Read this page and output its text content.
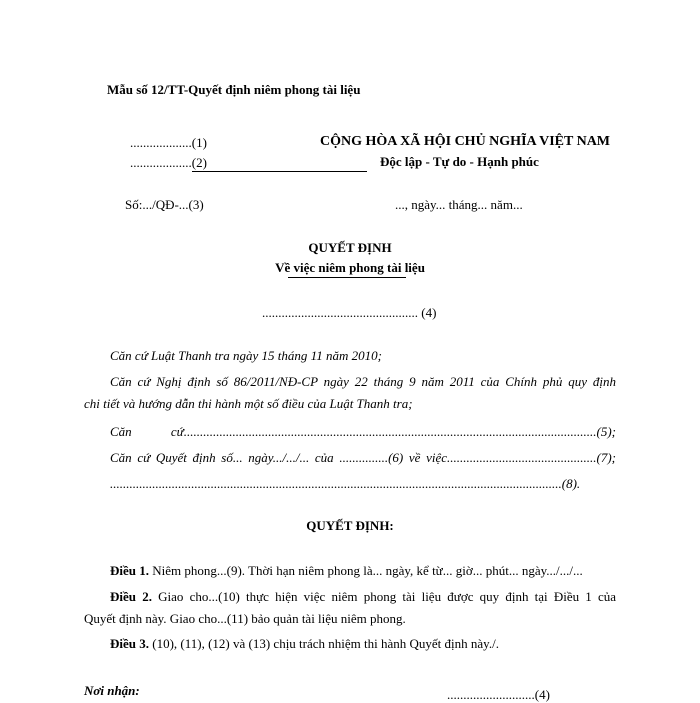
Mẫu số 12/TT-Quyết định niêm phong tài liệu
...................(1)
...................(2)
Số:.../QĐ-...(3)
CỘNG HÒA XÃ HỘI CHỦ NGHĨA VIỆT NAM
Độc lập - Tự do - Hạnh phúc
..., ngày... tháng... năm...
QUYẾT ĐỊNH
Về việc niêm phong tài liệu
................................................ (4)
Căn cứ Luật Thanh tra ngày 15 tháng 11 năm 2010;
Căn cứ Nghị định số 86/2011/NĐ-CP ngày 22 tháng 9 năm 2011 của Chính phủ quy định
chi tiết và hướng dẫn thi hành một số điều của Luật Thanh tra;
Căn cứ...............................................................................................................................(5);
Căn cứ Quyết định số... ngày.../.../... của ...............(6) về việc..............................................(7);
...........................................................................................................................................(8).
QUYẾT ĐỊNH:
Điều 1. Niêm phong...(9). Thời hạn niêm phong là... ngày, kể từ... giờ... phút... ngày.../.../...
Điều 2. Giao cho...(10) thực hiện việc niêm phong tài liệu được quy định tại Điều 1 của
Quyết định này. Giao cho...(11) bảo quản tài liệu niêm phong.
Điều 3. (10), (11), (12) và (13) chịu trách nhiệm thi hành Quyết định này./.
Nơi nhận:	...........................(4)
